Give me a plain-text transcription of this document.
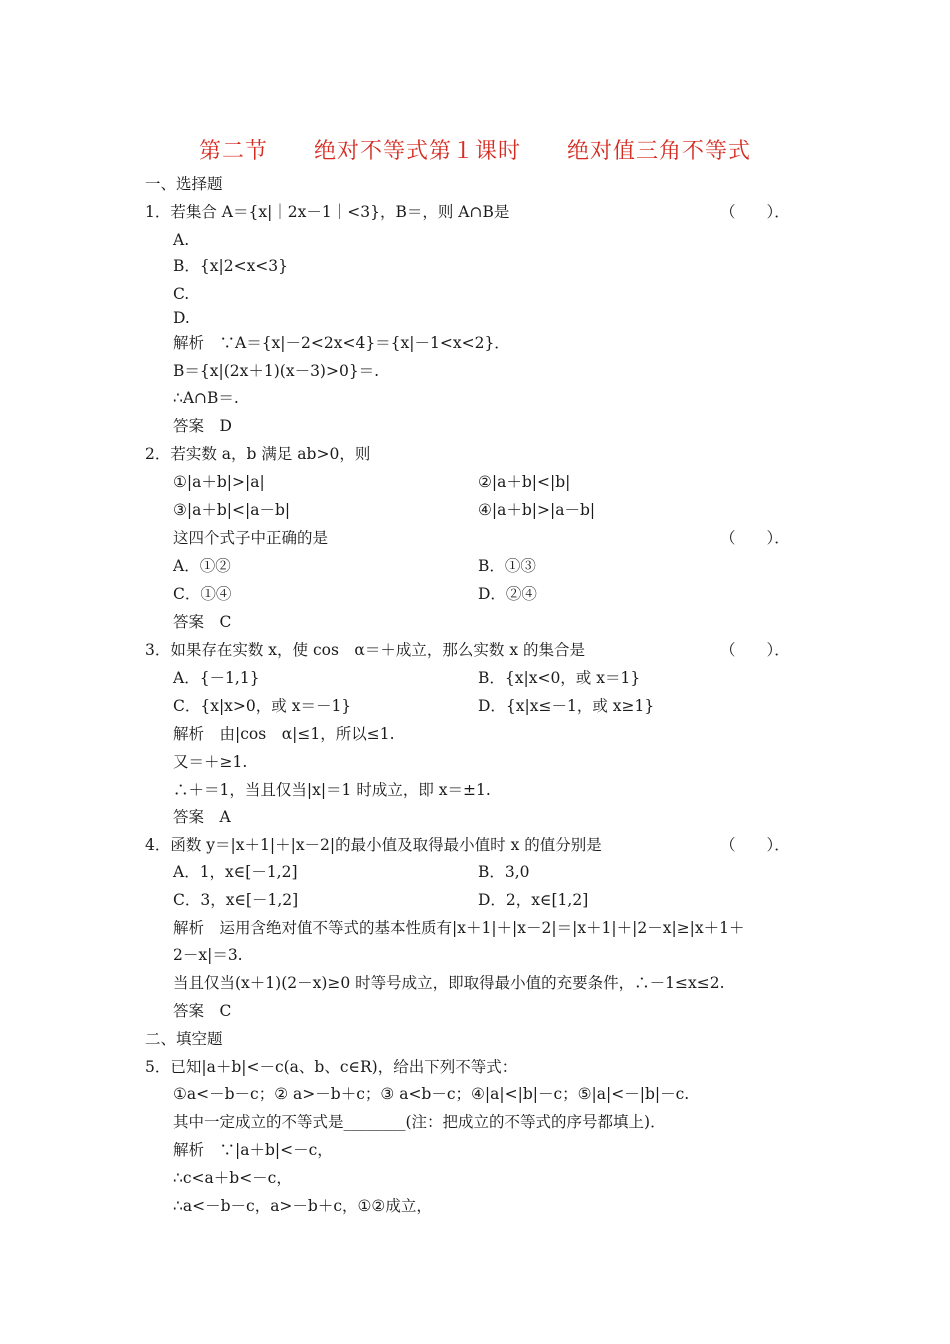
第二节　　绝对不等式第１课时　　绝对值三角不等式
一、选择题
1．若集合 A＝{x|｜2x－1｜<3}，B＝，则 A∩B是	（　　）．
A.
B．{x|2<x<3}
C.
D.
解析　∵A＝{x|－2<2x<4}＝{x|－1<x<2}．
B＝{x|(2x＋1)(x－3)>0}＝.
∴A∩B＝.
答案　D
2．若实数 a，b 满足 ab>0，则
①|a＋b|>|a|	②|a＋b|<|b|
③|a＋b|<|a－b|	④|a＋b|>|a－b|
这四个式子中正确的是	（　　）．
A．①②	B．①③
C．①④	D．②④
答案　C
3．如果存在实数 x，使 cos　α＝＋成立，那么实数 x 的集合是	（　　）．
A．{－1,1}	B．{x|x<0，或 x＝1}
C．{x|x>0，或 x＝－1}	D．{x|x≤－1，或 x≥1}
解析　由|cos　α|≤1，所以≤1.
又＝＋≥1.
∴＋＝1，当且仅当|x|＝1 时成立，即 x＝±1.
答案　A
4．函数 y＝|x＋1|＋|x－2|的最小值及取得最小值时 x 的值分别是	（　　）．
A．1，x∈[－1,2]	B．3,0
C．3，x∈[－1,2]	D．2，x∈[1,2]
解析　运用含绝对值不等式的基本性质有|x＋1|＋|x－2|＝|x＋1|＋|2－x|≥|x＋1＋
2－x|＝3.
当且仅当(x＋1)(2－x)≥0 时等号成立，即取得最小值的充要条件，∴－1≤x≤2.
答案　C
二、填空题
5．已知|a＋b|<－c(a、b、c∈R)，给出下列不等式：
①a<－b－c；② a>－b＋c；③ a<b－c；④|a|<|b|－c；⑤|a|<－|b|－c.
其中一定成立的不等式是________(注：把成立的不等式的序号都填上)．
解析　∵|a＋b|<－c，
∴c<a＋b<－c，
∴a<－b－c，a>－b＋c，①②成立，
